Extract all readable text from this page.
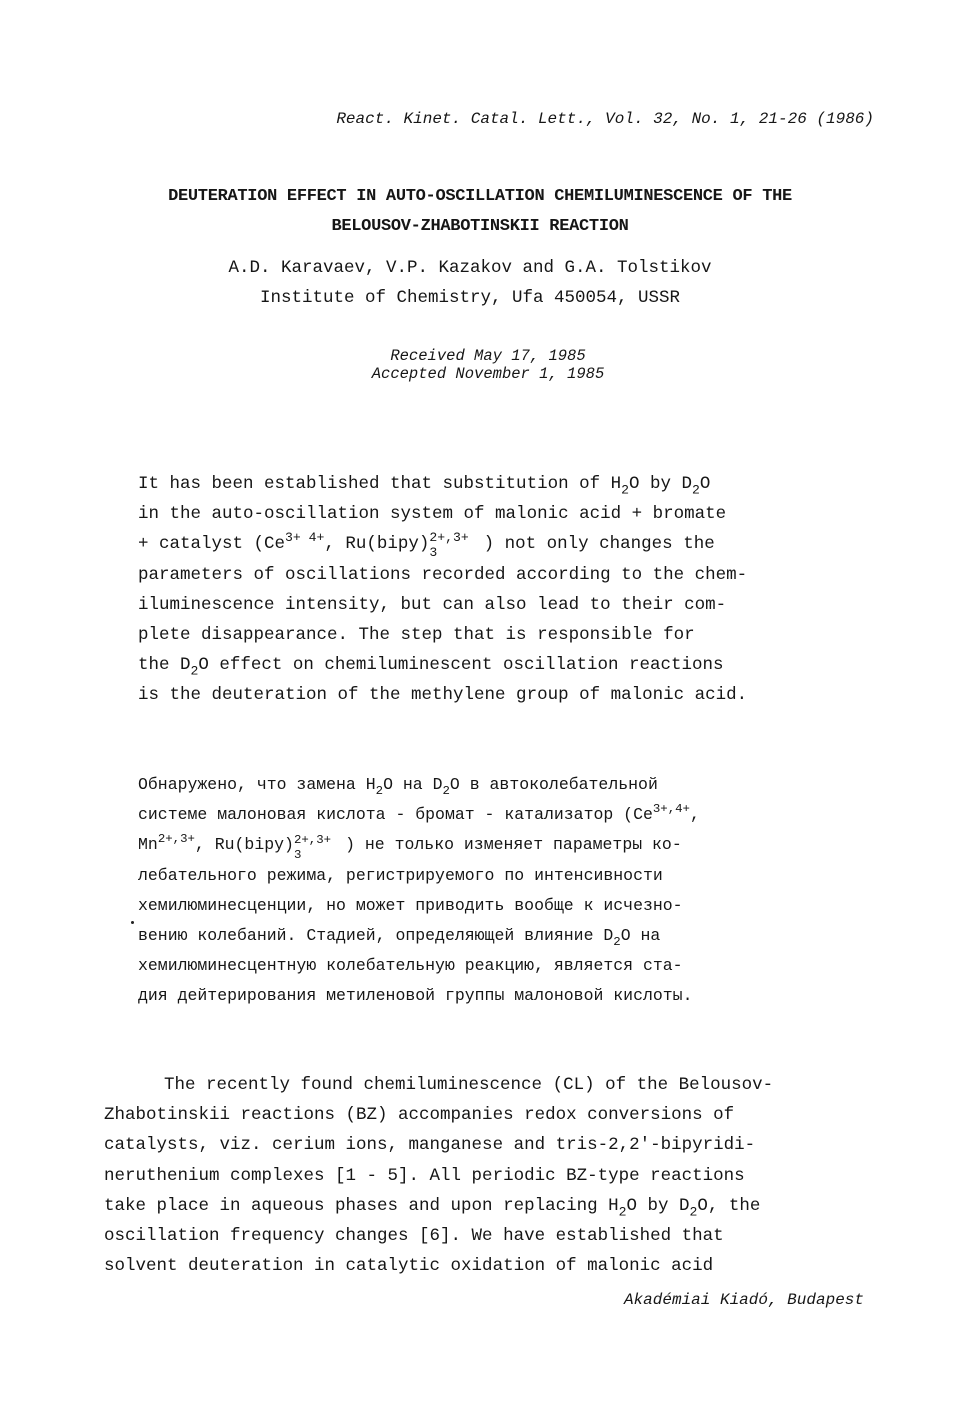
React. Kinet. Catal. Lett., Vol. 32, No. 1, 21-26 (1986)
DEUTERATION EFFECT IN AUTO-OSCILLATION CHEMILUMINESCENCE OF THE
BELOUSOV-ZHABOTINSKII REACTION
A.D. Karavaev, V.P. Kazakov and G.A. Tolstikov
Institute of Chemistry, Ufa 450054, USSR
Received May 17, 1985
Accepted November 1, 1985
It has been established that substitution of $H_2O$ by $D_2O$
in the auto-oscillation system of malonic acid + bromate
+ catalyst ($Ce^{3+ 4+}$, Ru(bipy) 2+,3+
3	) not only changes the
parameters of oscillations recorded according to the chem-
iluminescence intensity, but can also lead to their com-
plete disappearance. The step that is responsible for
the $D_2O$ effect on chemiluminescent oscillation reactions
is the deuteration of the methylene group of malonic acid.
Обнаружено, что замена $H_2O$ на $D_2O$ в автоколебательной
системе малоновая кислота - бромат - катализатор ($Ce^{3+,4+}$,
$Mn^{2+,3+}$, Ru(bipy) 2+,3+
3
) не только изменяет параметры ко-
лебательного режима, регистрируемого по интенсивности
хемилюминесценции, но может приводить вообще к исчезно-
вению колебаний. Стадией, определяющей влияние $D_2O$ на
хемилюминесцентную колебательную реакцию, является ста-
дия дейтерирования метиленовой группы малоновой кислоты.
The recently found chemiluminescence (CL) of the Belousov-
Zhabotinskii reactions (BZ) accompanies redox conversions of
catalysts, viz. cerium ions, manganese and tris-2,2'-bipyridi-
neruthenium complexes [1 - 5]. All periodic BZ-type reactions
take place in aqueous phases and upon replacing $H_2O$ by $D_2O$, the
oscillation frequency changes [6]. We have established that
solvent deuteration in catalytic oxidation of malonic acid
Akadémiai Kiadó, Budapest
